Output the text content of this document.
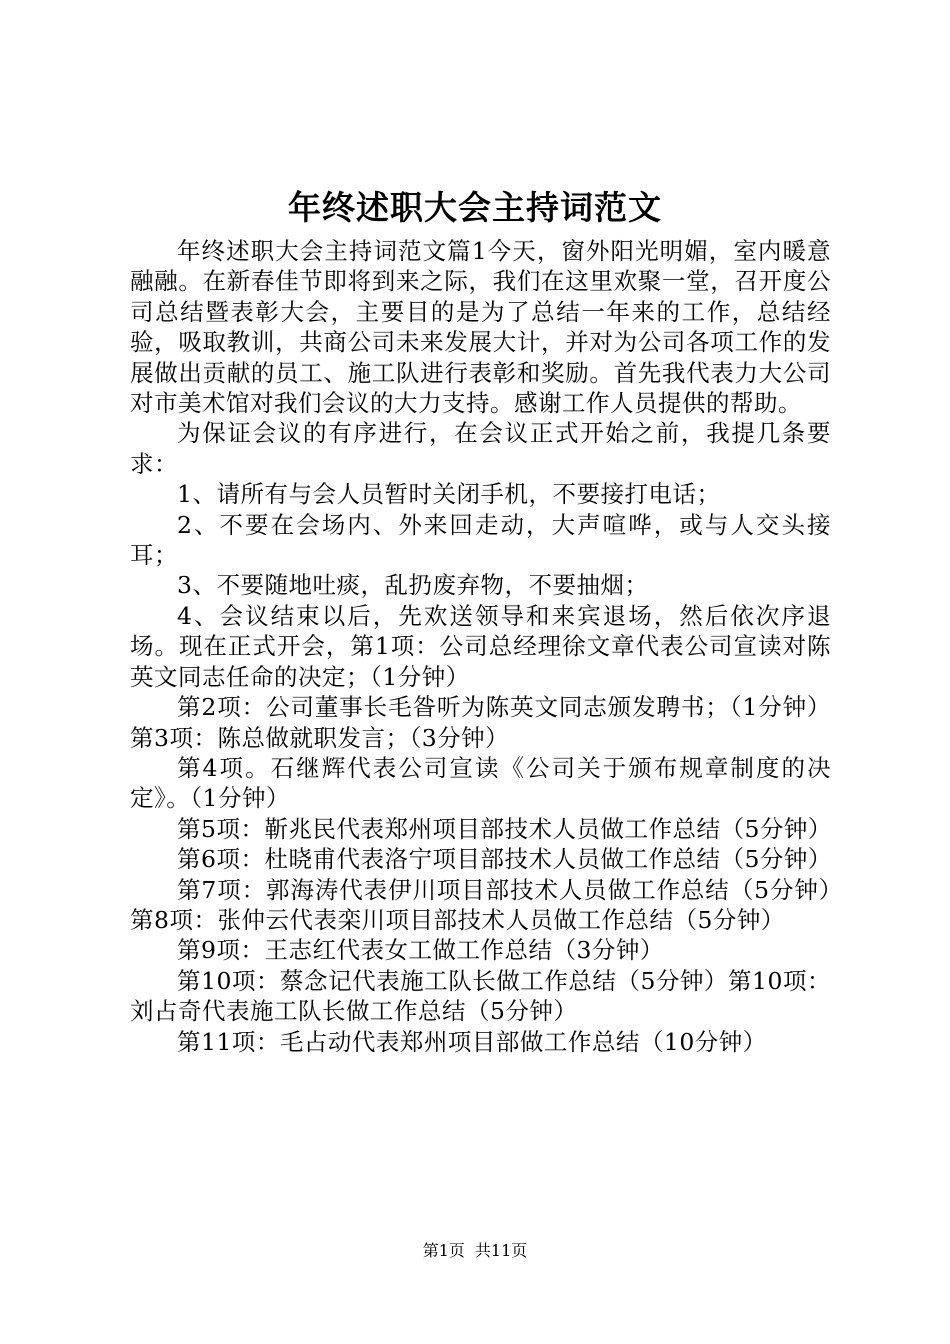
年终述职大会主持词范文

年终述职大会主持词范文篇1今天，窗外阳光明媚，室内暖意融融。在新春佳节即将到来之际，我们在这里欢聚一堂，召开度公司总结暨表彰大会，主要目的是为了总结一年来的工作，总结经验，吸取教训，共商公司未来发展大计，并对为公司各项工作的发展做出贡献的员工、施工队进行表彰和奖励。首先我代表力大公司对市美术馆对我们会议的大力支持。感谢工作人员提供的帮助。

为保证会议的有序进行，在会议正式开始之前，我提几条要求：

1、请所有与会人员暂时关闭手机，不要接打电话；

2、不要在会场内、外来回走动，大声喧哗，或与人交头接耳；

3、不要随地吐痰，乱扔废弃物，不要抽烟；

4、会议结束以后，先欢送领导和来宾退场，然后依次序退场。现在正式开会，第1项：公司总经理徐文章代表公司宣读对陈英文同志任命的决定；（1分钟）

第2项：公司董事长毛昝听为陈英文同志颁发聘书；（1分钟）第3项：陈总做就职发言；（3分钟）

第4项。石继辉代表公司宣读《公司关于颁布规章制度的决定》。（1分钟）

第5项：靳兆民代表郑州项目部技术人员做工作总结（5分钟）

第6项：杜晓甫代表洛宁项目部技术人员做工作总结（5分钟）

第7项：郭海涛代表伊川项目部技术人员做工作总结（5分钟）第8项：张仲云代表栾川项目部技术人员做工作总结（5分钟）

第9项：王志红代表女工做工作总结（3分钟）

第10项：蔡念记代表施工队长做工作总结（5分钟）第10项：刘占奇代表施工队长做工作总结（5分钟）

第11项：毛占动代表郑州项目部做工作总结（10分钟）

第1页 共11页
